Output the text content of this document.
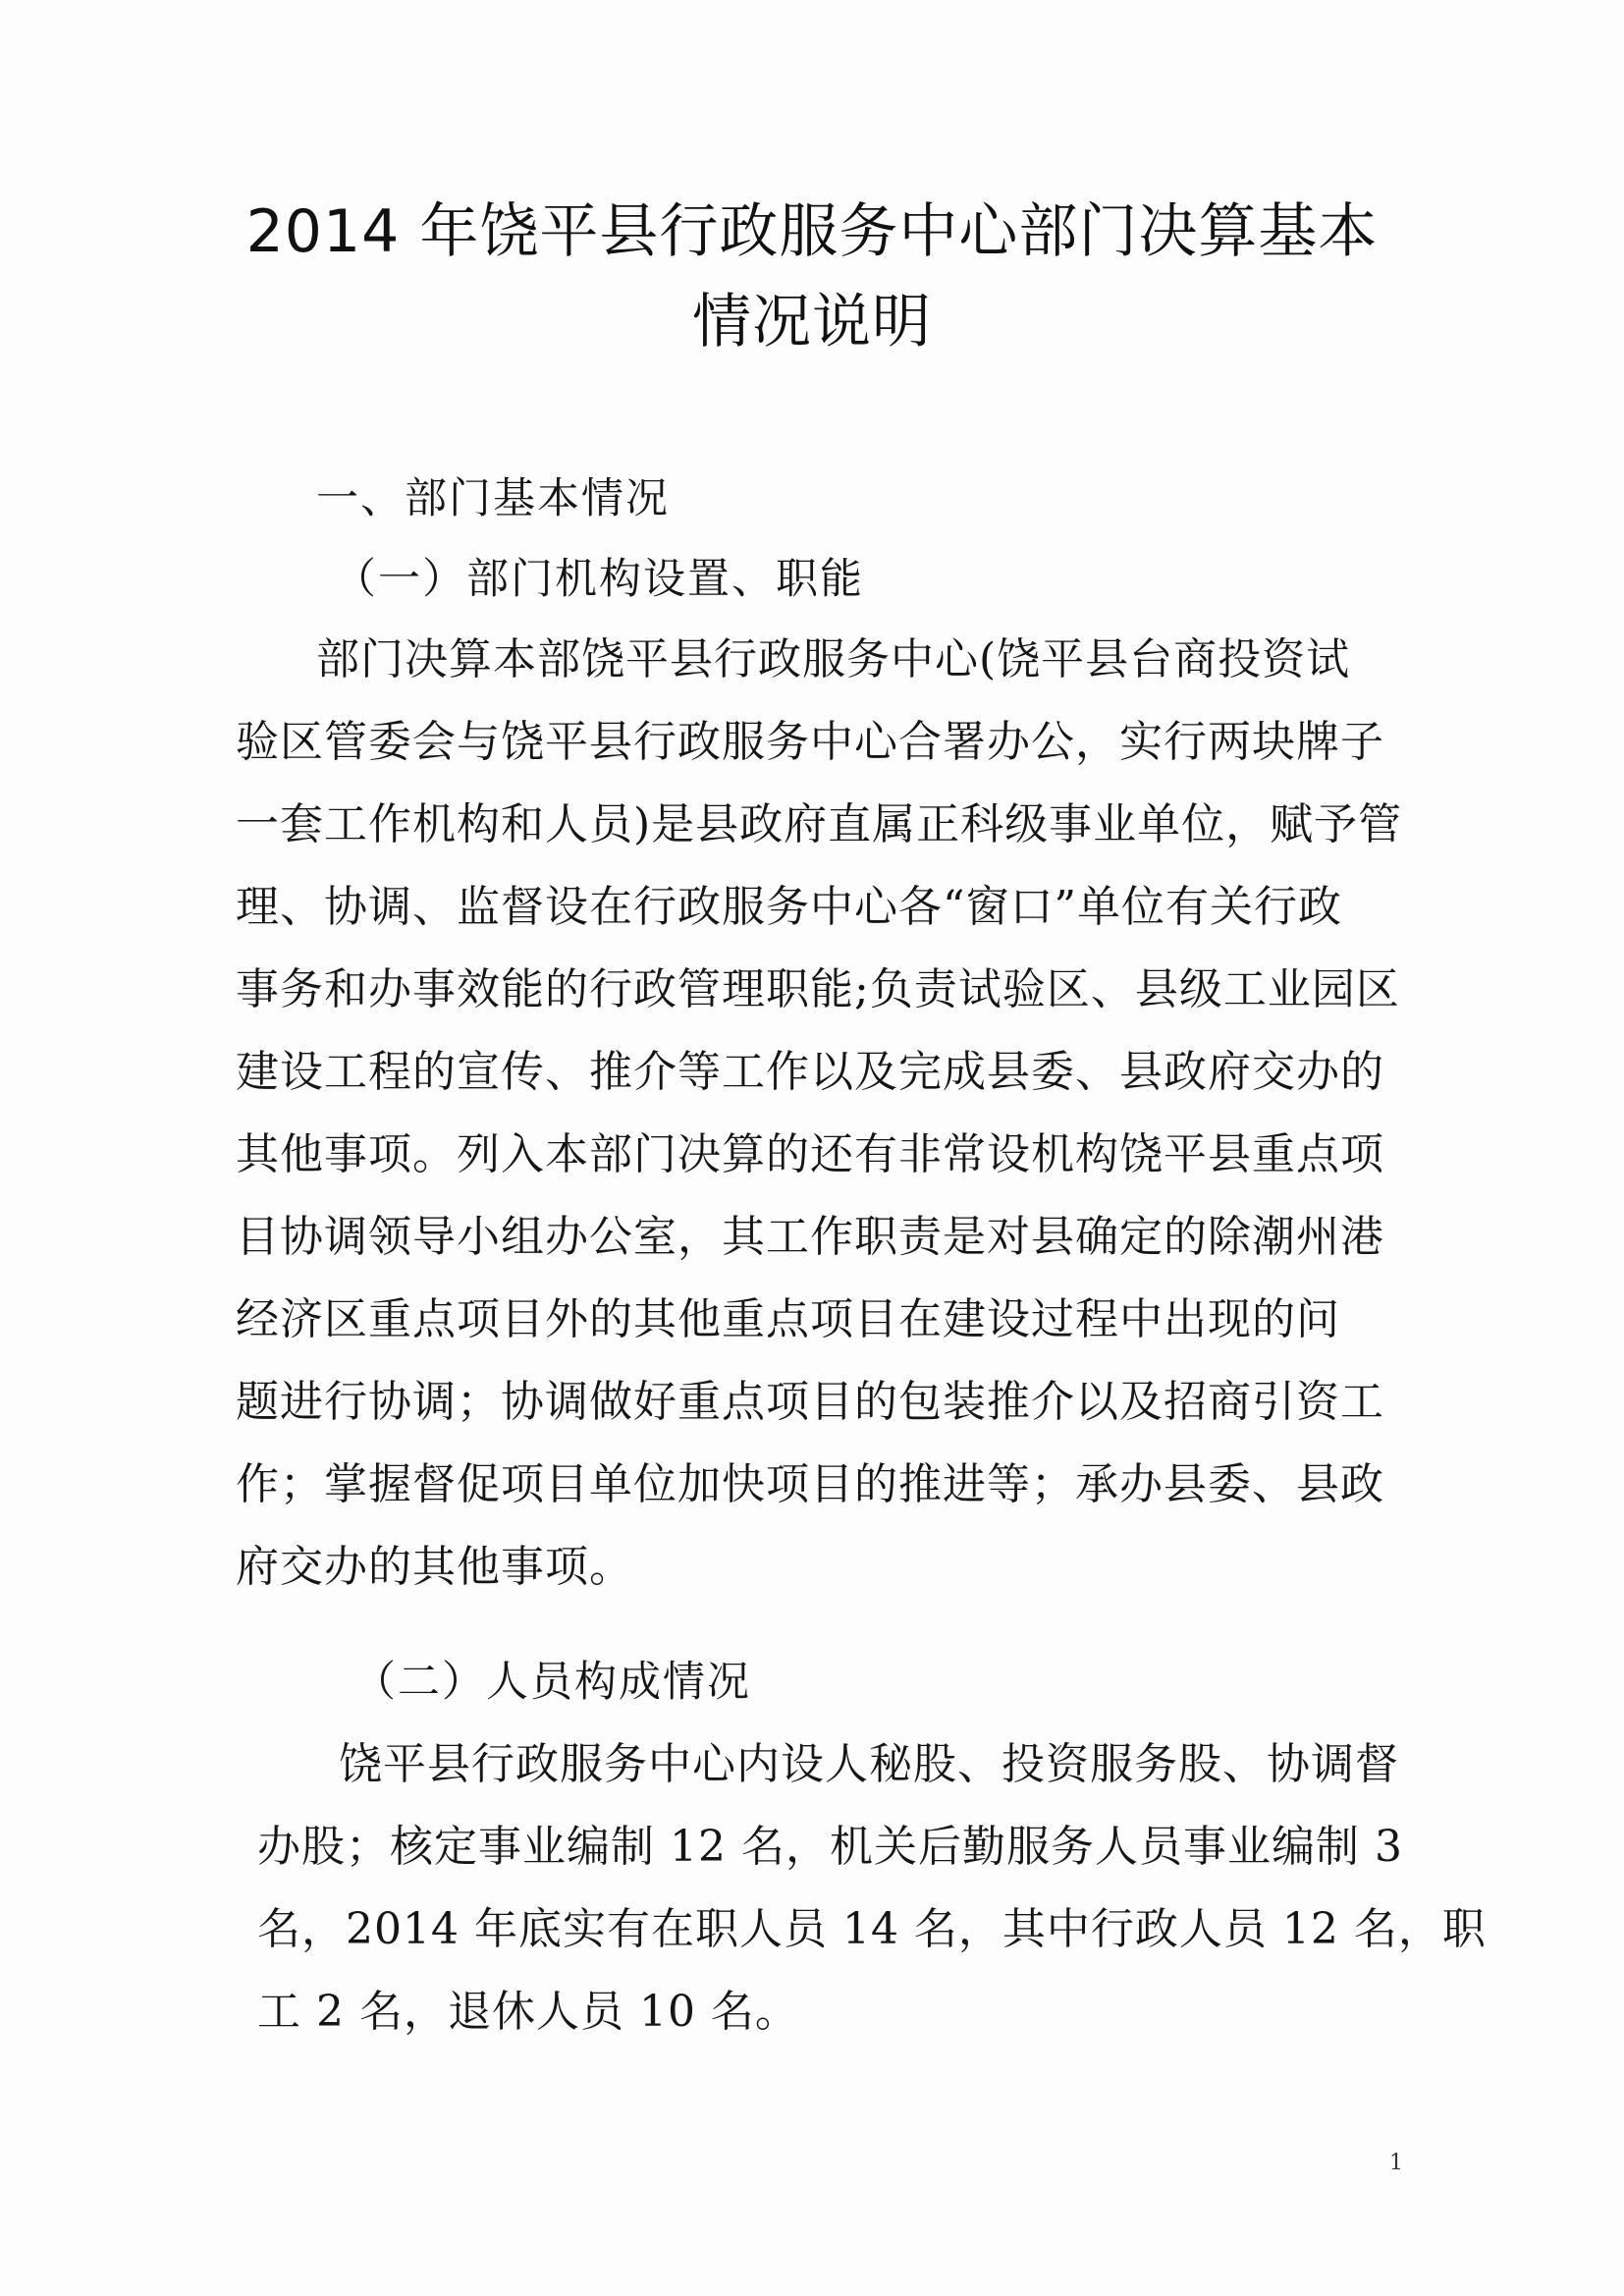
2014 年饶平县行政服务中心部门决算基本
情况说明
一、部门基本情况
（一）部门机构设置、职能
部门决算本部饶平县行政服务中心(饶平县台商投资试
验区管委会与饶平县行政服务中心合署办公，实行两块牌子
一套工作机构和人员)是县政府直属正科级事业单位，赋予管
理、协调、监督设在行政服务中心各“窗口”单位有关行政
事务和办事效能的行政管理职能;负责试验区、县级工业园区
建设工程的宣传、推介等工作以及完成县委、县政府交办的
其他事项。列入本部门决算的还有非常设机构饶平县重点项
目协调领导小组办公室，其工作职责是对县确定的除潮州港
经济区重点项目外的其他重点项目在建设过程中出现的问
题进行协调；协调做好重点项目的包装推介以及招商引资工
作；掌握督促项目单位加快项目的推进等；承办县委、县政
府交办的其他事项。
（二）人员构成情况
饶平县行政服务中心内设人秘股、投资服务股、协调督
办股；核定事业编制 12 名，机关后勤服务人员事业编制 3
名，2014 年底实有在职人员 14 名，其中行政人员 12 名，职
工 2 名，退休人员 10 名。
1
